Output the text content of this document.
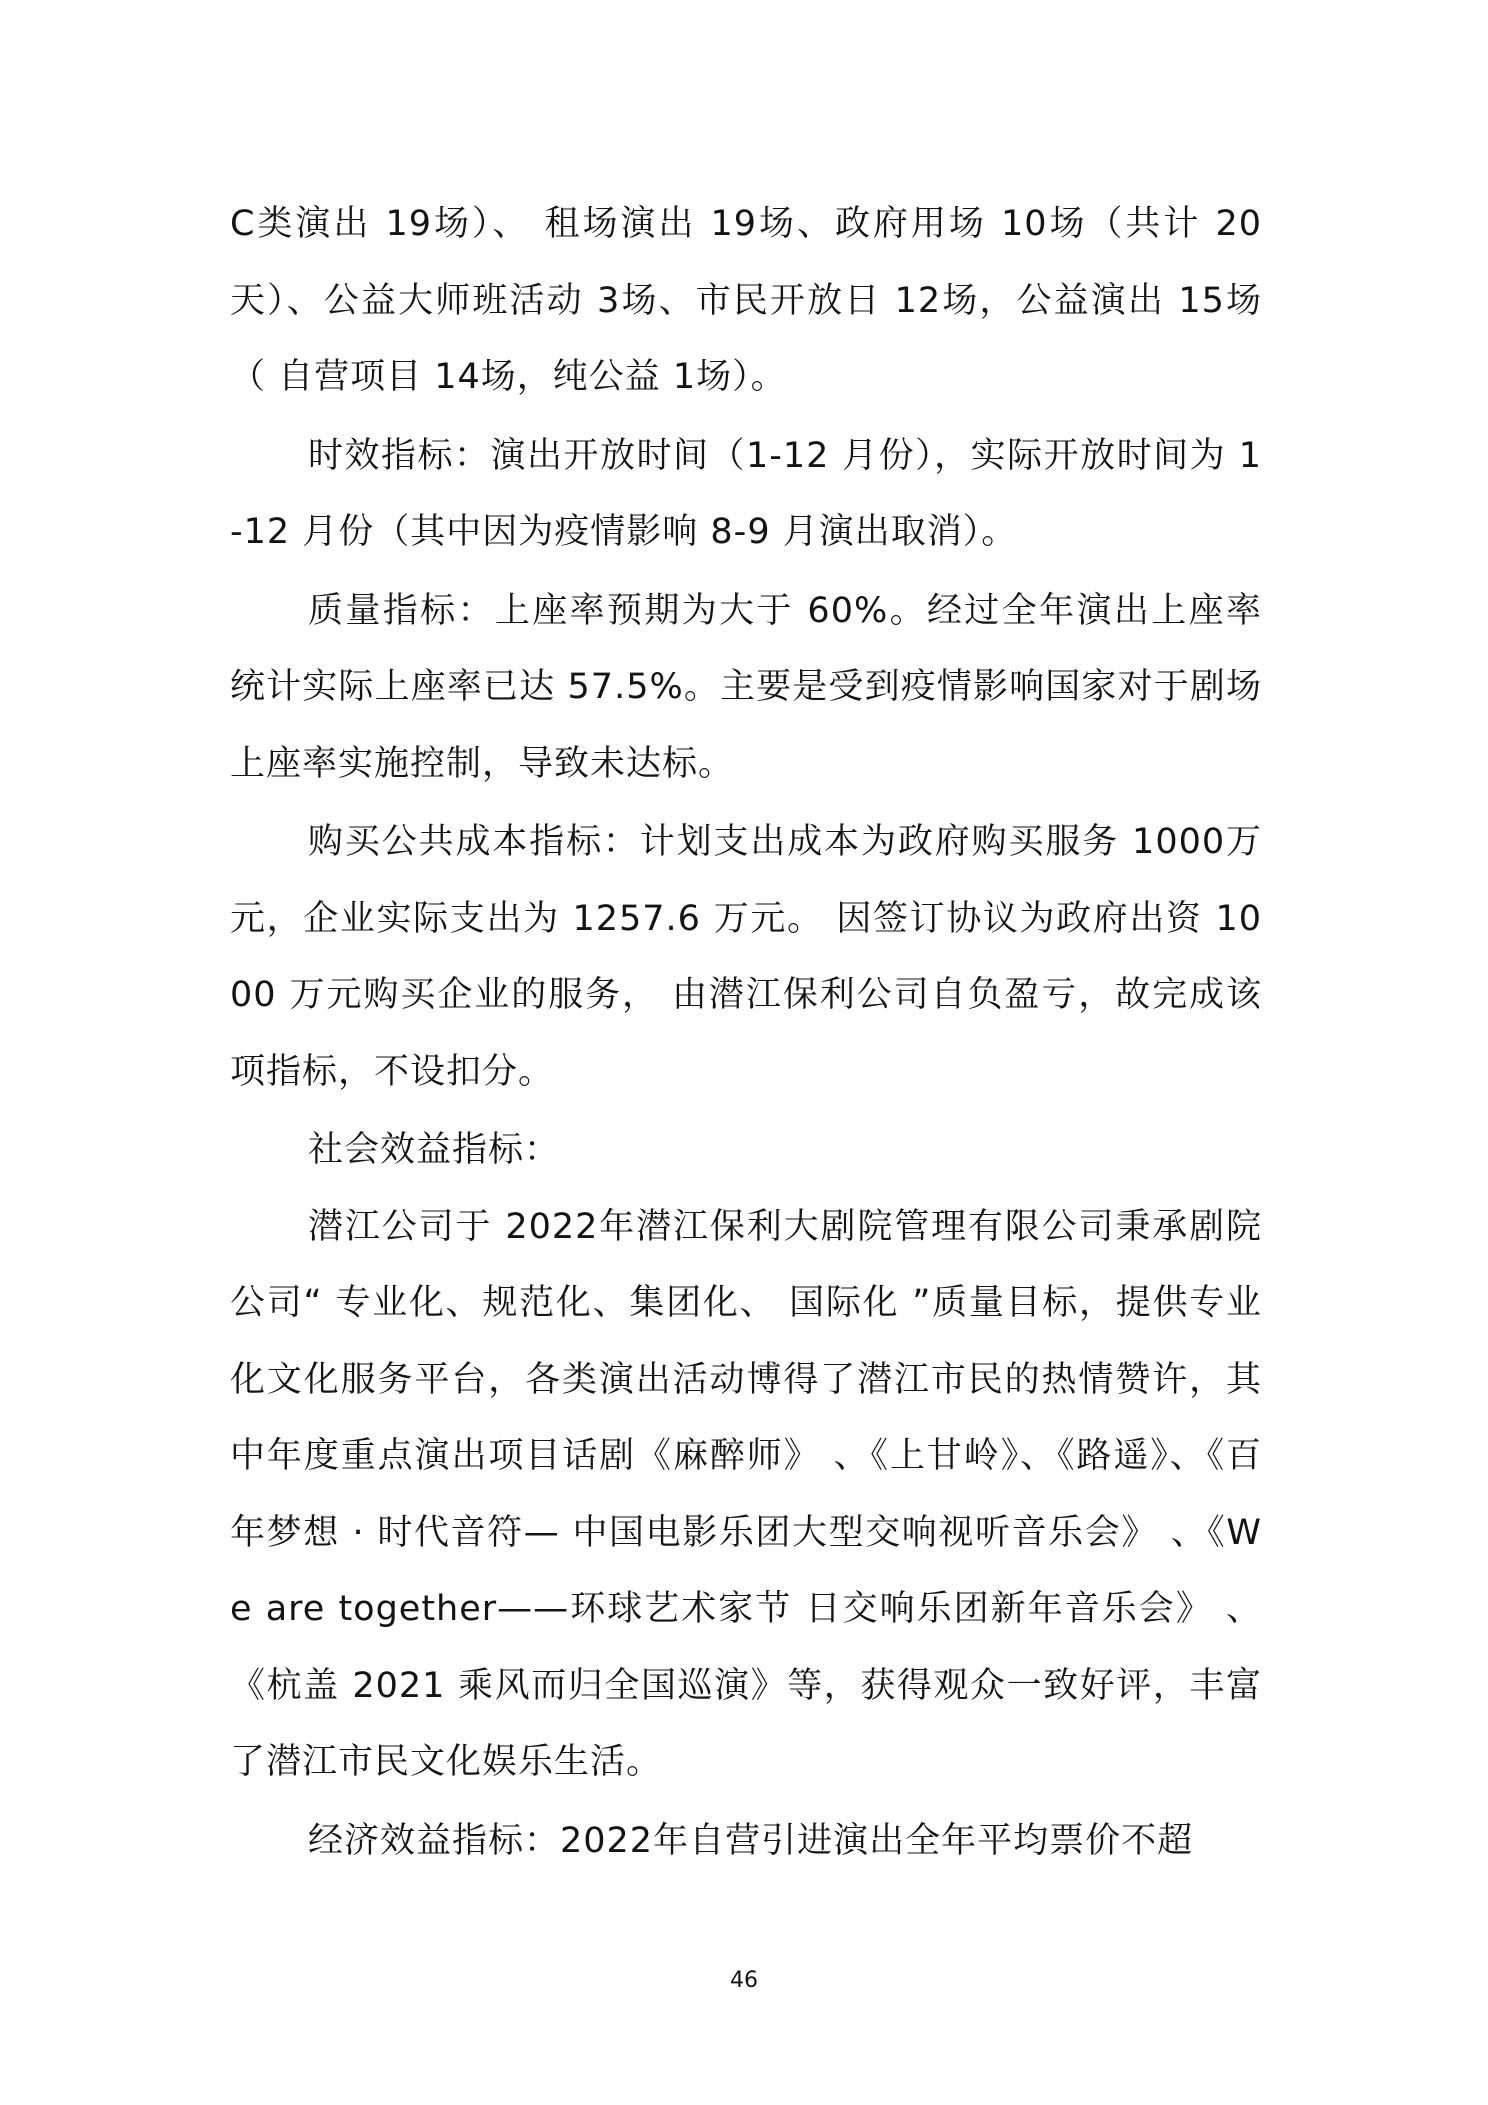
C类演出 19场）、 租场演出 19场、政府用场 10场（共计 20天）、公益大师班活动 3场、市民开放日 12场，公益演出 15场（ 自营项目 14场，纯公益 1场）。

时效指标：演出开放时间（1-12 月份），实际开放时间为 1-12 月份（其中因为疫情影响 8-9 月演出取消）。

质量指标：上座率预期为大于 60%。经过全年演出上座率统计实际上座率已达 57.5%。主要是受到疫情影响国家对于剧场上座率实施控制，导致未达标。

购买公共成本指标：计划支出成本为政府购买服务 1000万元，企业实际支出为 1257.6 万元。 因签订协议为政府出资 1000 万元购买企业的服务， 由潜江保利公司自负盈亏，故完成该项指标，不设扣分。

社会效益指标：

潜江公司于 2022年潜江保利大剧院管理有限公司秉承剧院公司“ 专业化、规范化、集团化、 国际化 ”质量目标，提供专业化文化服务平台，各类演出活动博得了潜江市民的热情赞许，其中年度重点演出项目话剧《麻醉师》 、《上甘岭》、《路遥》、《百年梦想 · 时代音符— 中国电影乐团大型交响视听音乐会》 、《We are together——环球艺术家节 日交响乐团新年音乐会》 、《杭盖 2021 乘风而归全国巡演》等，获得观众一致好评，丰富了潜江市民文化娱乐生活。

经济效益指标：2022年自营引进演出全年平均票价不超

46
